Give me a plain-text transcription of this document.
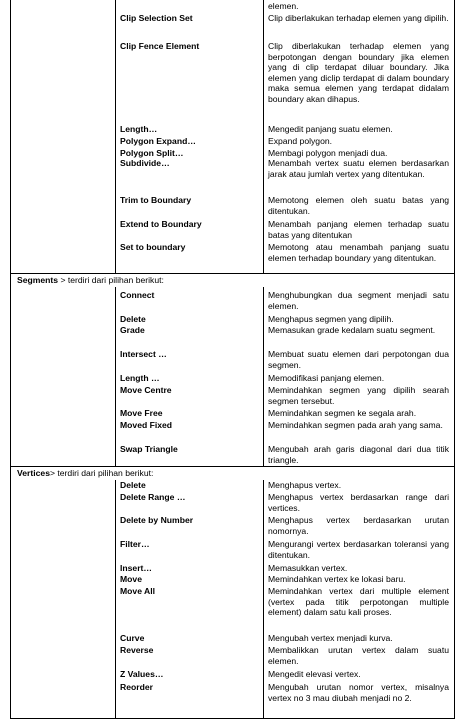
elemen.
Clip Selection Set	Clip diberlakukan terhadap elemen yang dipilih.
Clip Fence Element	Clip diberlakukan terhadap elemen yang berpotongan dengan boundary jika elemen yang di clip terdapat diluar boundary. Jika elemen yang diclip terdapat di dalam boundary maka semua elemen yang terdapat didalam boundary akan dihapus.
Length…	Mengedit panjang suatu elemen.
Polygon Expand…	Expand polygon.
Polygon Split…	Membagi polygon menjadi dua.
Subdivide…	Menambah vertex suatu elemen berdasarkan jarak atau jumlah vertex yang ditentukan.
Trim to Boundary	Memotong elemen oleh suatu batas yang ditentukan.
Extend to Boundary	Menambah panjang elemen terhadap suatu batas yang ditentukan
Set to boundary	Memotong atau menambah panjang suatu elemen terhadap boundary yang ditentukan.
Segments > terdiri dari pilihan berikut:
Connect	Menghubungkan dua segment menjadi satu elemen.
Delete	Menghapus segmen yang dipilih.
Grade	Memasukan grade kedalam suatu segment.
Intersect …	Membuat suatu elemen dari perpotongan dua segmen.
Length …	Memodifikasi panjang elemen.
Move Centre	Memindahkan segmen yang dipilih searah segmen tersebut.
Move Free	Memindahkan segmen ke segala arah.
Moved Fixed	Memindahkan segmen pada arah yang sama.
Swap Triangle	Mengubah arah garis diagonal dari dua titik triangle.
Vertices> terdiri dari pilihan berikut:
Delete	Menghapus vertex.
Delete Range …	Menghapus vertex berdasarkan range dari vertices.
Delete by Number	Menghapus vertex berdasarkan urutan nomornya.
Filter…	Mengurangi vertex berdasarkan toleransi yang ditentukan.
Insert…	Memasukkan vertex.
Move	Memindahkan vertex ke lokasi baru.
Move All	Memindahkan vertex dari multiple element (vertex pada titik perpotongan multiple element) dalam satu kali proses.
Curve	Mengubah vertex menjadi kurva.
Reverse	Membalikkan urutan vertex dalam suatu elemen.
Z Values…	Mengedit elevasi vertex.
Reorder	Mengubah urutan nomor vertex, misalnya vertex no 3 mau diubah menjadi no 2.
